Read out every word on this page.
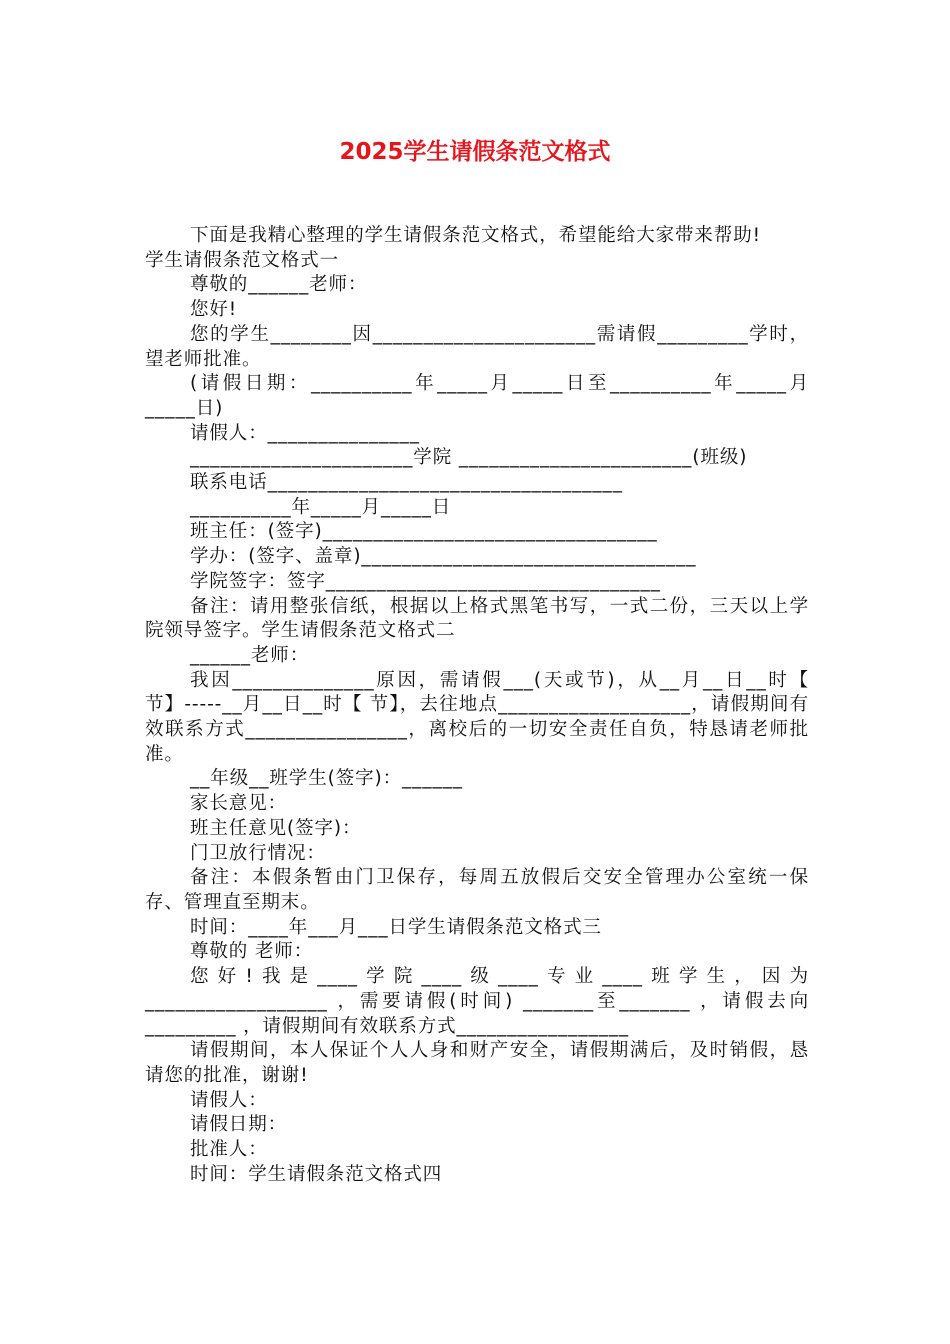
2025学生请假条范文格式

下面是我精心整理的学生请假条范文格式，希望能给大家带来帮助!

学生请假条范文格式一

尊敬的______老师：

您好!

您的学生________因______________________需请假_________学时，望老师批准。

(请假日期：__________年_____月_____日至__________年_____月_____日)

请假人：_______________

______________________学院 _______________________(班级)

联系电话___________________________________

__________年_____月_____日

班主任：(签字)_________________________________

学办：(签字、盖章)_________________________________

学院签字：签字_________________________________

备注：请用整张信纸，根据以上格式黑笔书写，一式二份，三天以上学院领导签字。学生请假条范文格式二

______老师：

我因______________原因，需请假___(天或节)，从__月__日__时【 节】-----__月__日__时【 节】，去往地点___________________，请假期间有效联系方式________________，离校后的一切安全责任自负，特恳请老师批准。

__年级__班学生(签字)：______

家长意见：

班主任意见(签字)：

门卫放行情况：

备注：本假条暂由门卫保存，每周五放假后交安全管理办公室统一保存、管理直至期末。

时间：____年___月___日学生请假条范文格式三

尊敬的 老师：

您好!我是____学院____级____专业____班学生，因为__________________ ，需要请假(时间) _______至_______ ，请假去向_________ ，请假期间有效联系方式_________________

请假期间，本人保证个人人身和财产安全，请假期满后，及时销假，恳请您的批准，谢谢!

请假人：

请假日期：

批准人：

时间：学生请假条范文格式四
